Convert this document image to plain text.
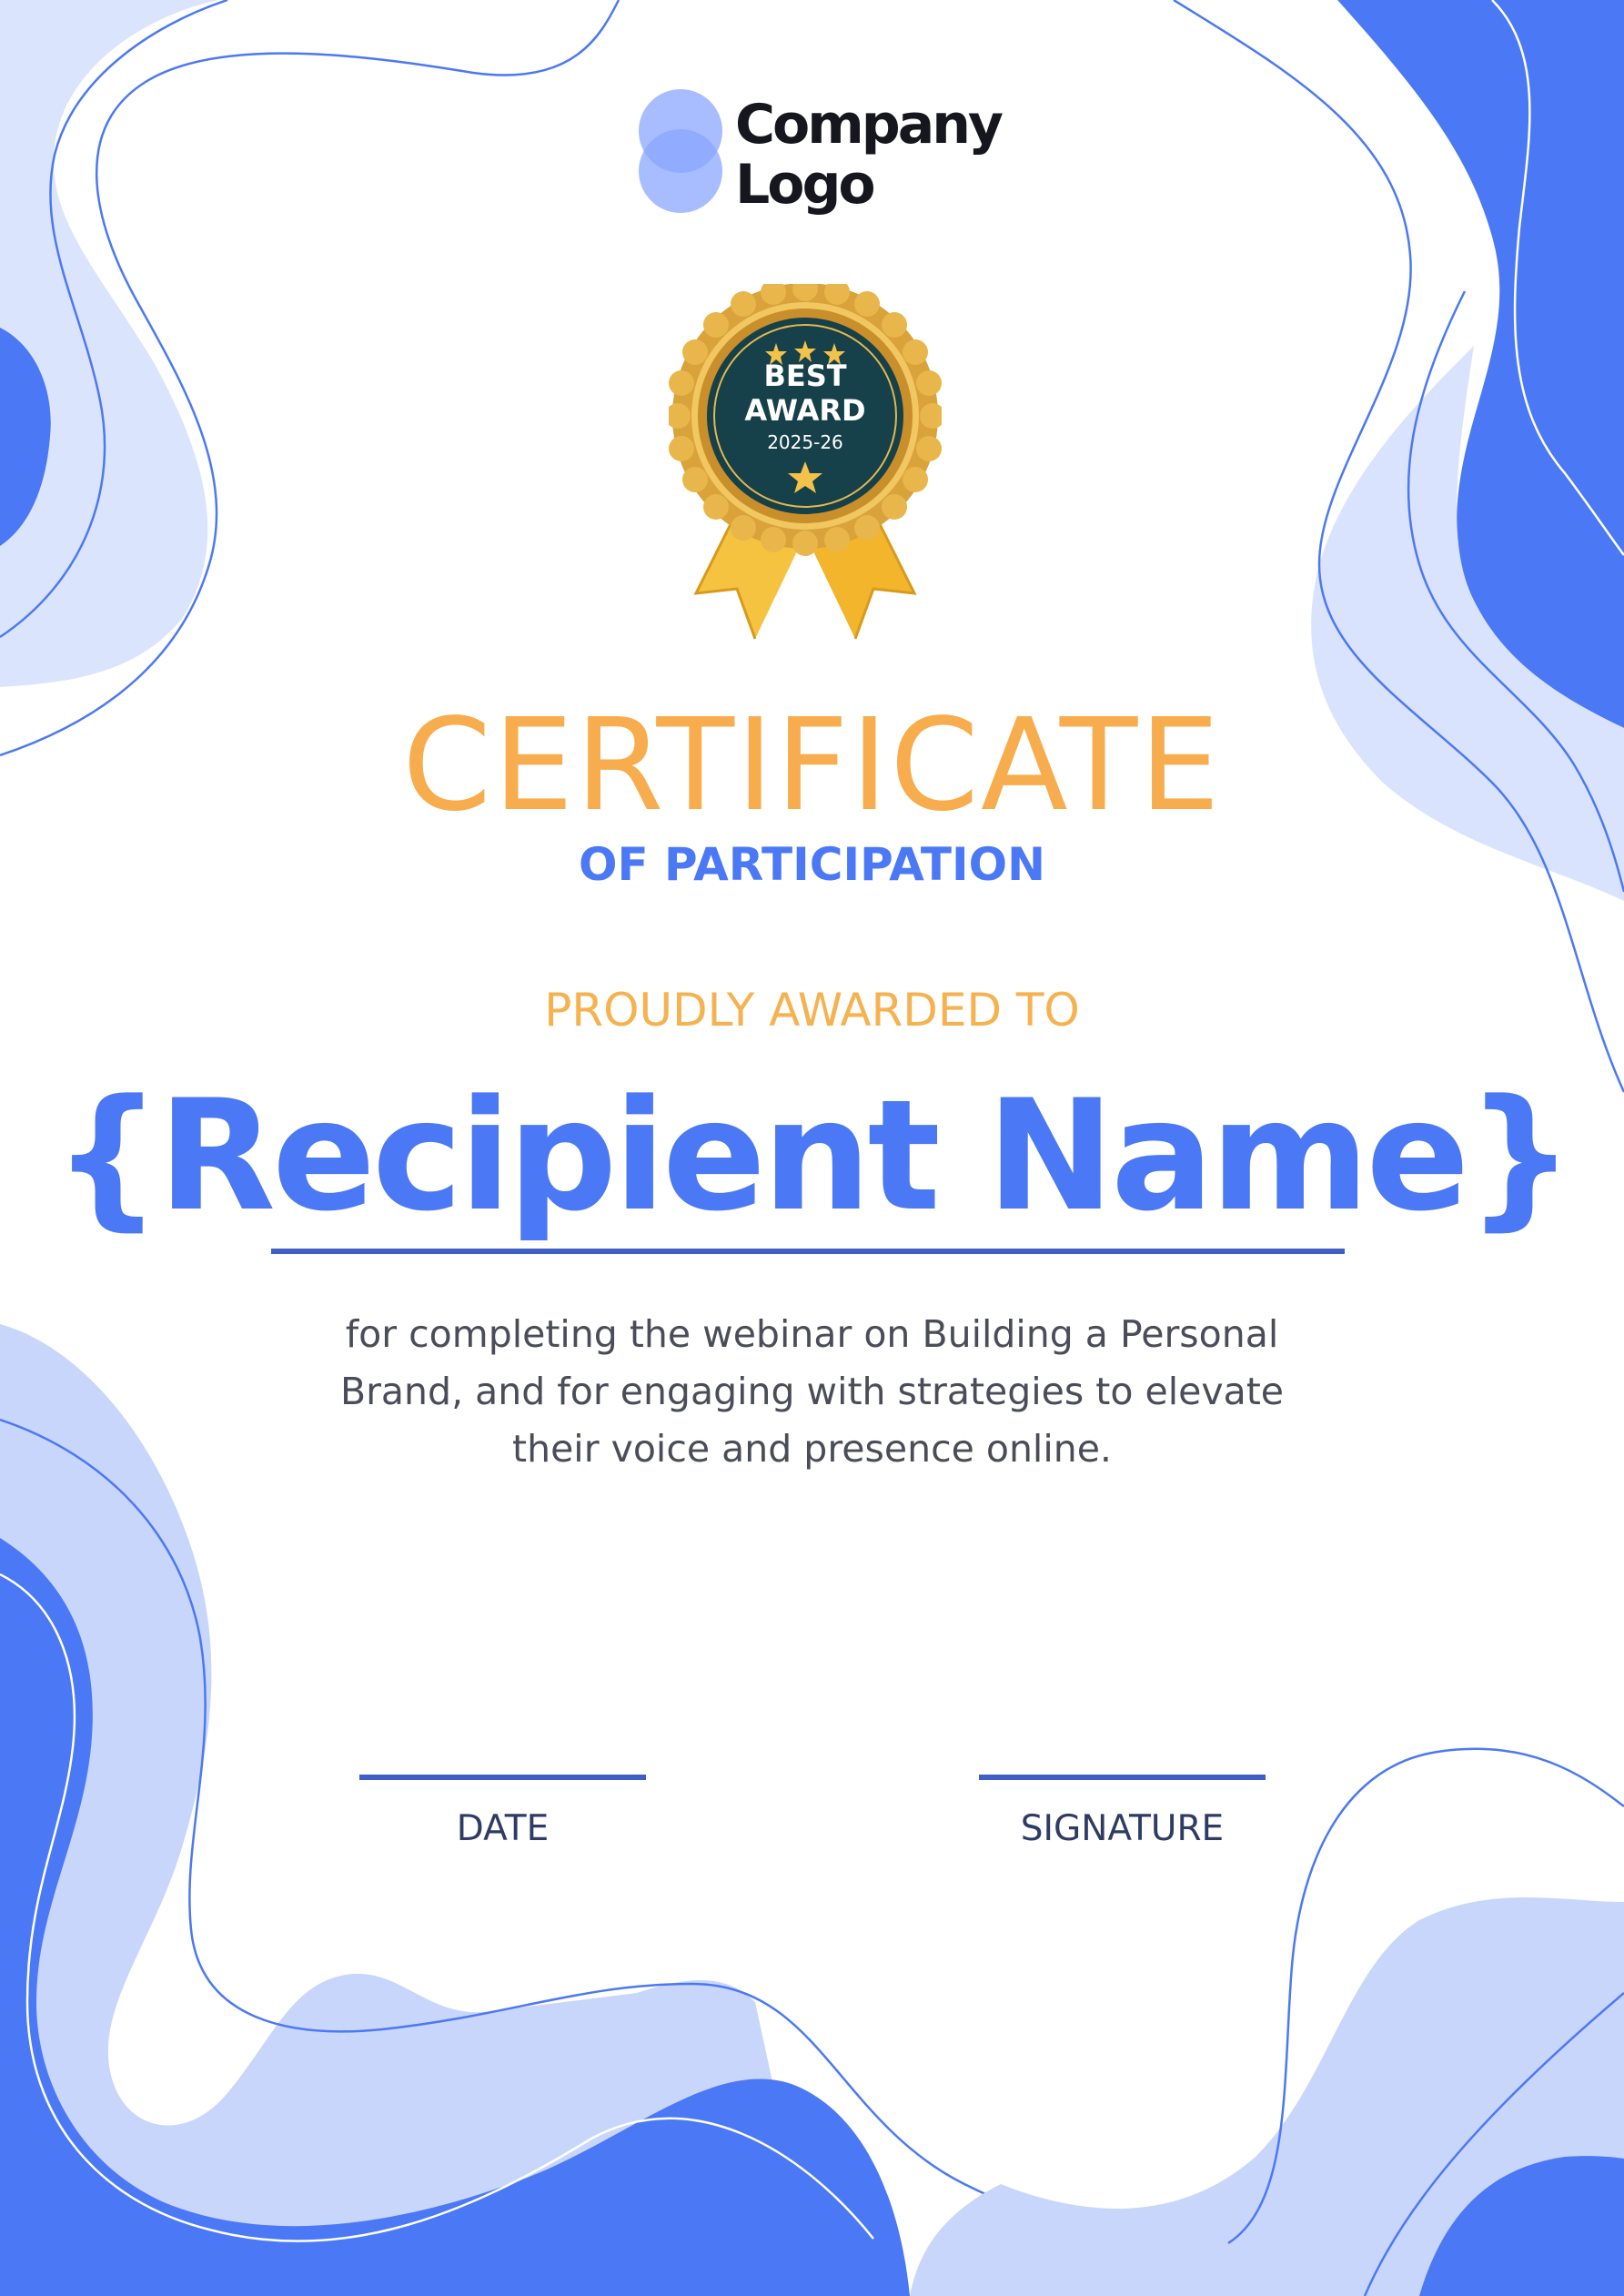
Company
Logo
BEST
AWARD
2025-26
CERTIFICATE
OF PARTICIPATION
PROUDLY AWARDED TO
{Recipient Name}
for completing the webinar on Building a Personal Brand, and for engaging with strategies to elevate their voice and presence online.
DATE	SIGNATURE
